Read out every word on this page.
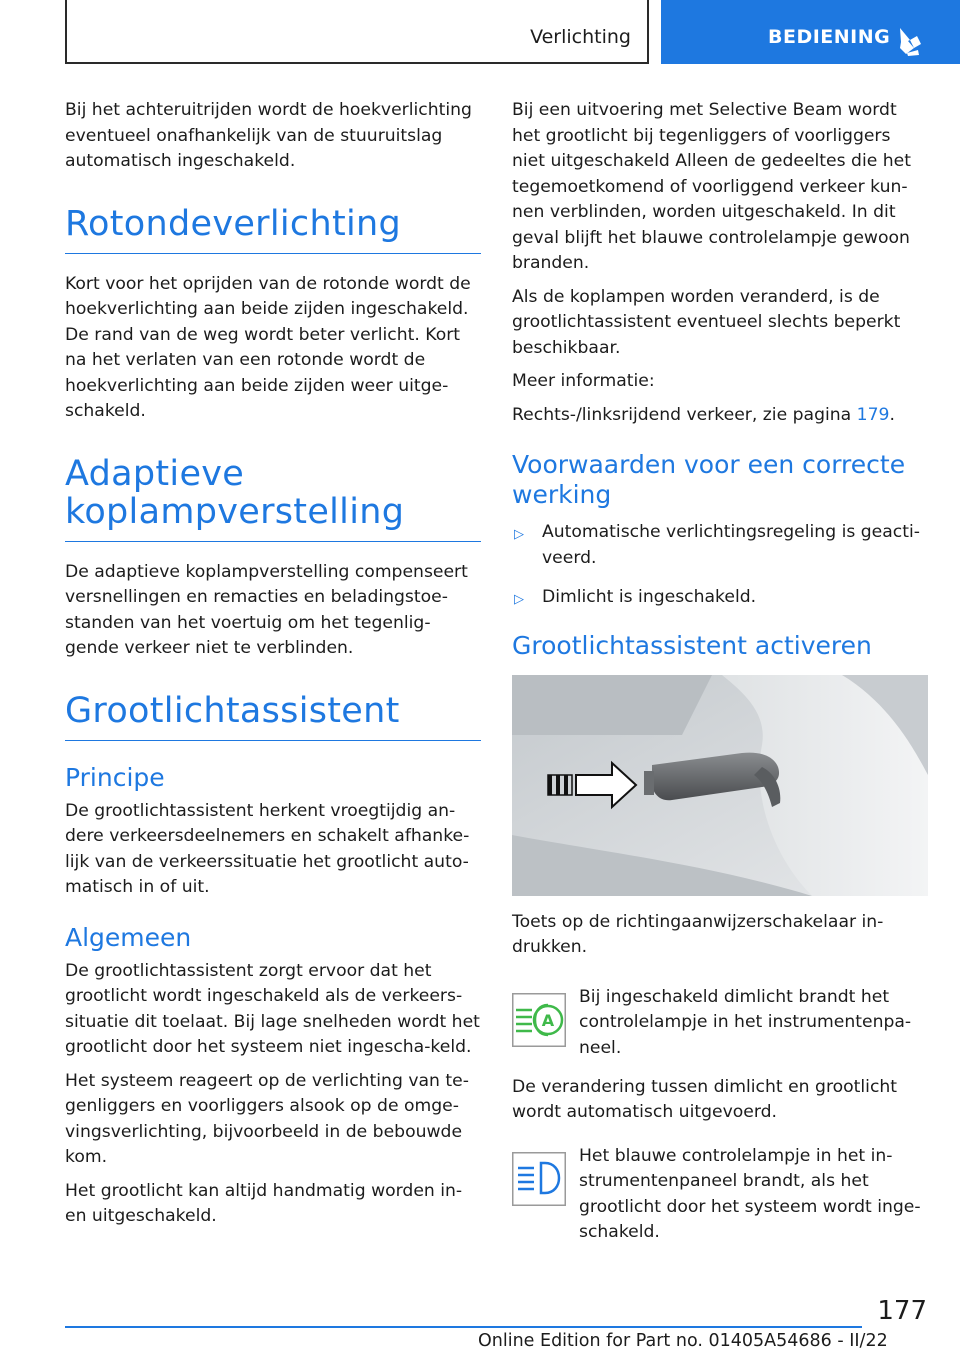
Verlichting	BEDIENING

Bij het achteruitrijden wordt de hoekverlichting eventueel onafhankelijk van de stuuruitslag automatisch ingeschakeld.

Rotondeverlichting

Kort voor het oprijden van de rotonde wordt de hoekverlichting aan beide zijden ingeschakeld. De rand van de weg wordt beter verlicht. Kort na het verlaten van een rotonde wordt de hoekverlichting aan beide zijden weer uitge-schakeld.

Adaptieve
koplampverstelling

De adaptieve koplampverstelling compenseert versnellingen en remacties en beladingstoe-standen van het voertuig om het tegenlig-gende verkeer niet te verblinden.

Grootlichtassistent
Principe

De grootlichtassistent herkent vroegtijdig an-dere verkeersdeelnemers en schakelt afhanke-lijk van de verkeerssituatie het grootlicht auto-matisch in of uit.

Algemeen

De grootlichtassistent zorgt ervoor dat het grootlicht wordt ingeschakeld als de verkeers-situatie dit toelaat. Bij lage snelheden wordt het grootlicht door het systeem niet ingescha-keld.

Het systeem reageert op de verlichting van te-genliggers en voorliggers alsook op de omge-vingsverlichting, bijvoorbeeld in de bebouwde kom.

Het grootlicht kan altijd handmatig worden in- en uitgeschakeld.

Bij een uitvoering met Selective Beam wordt het grootlicht bij tegenliggers of voorliggers niet uitgeschakeld Alleen de gedeeltes die het tegemoetkomend of voorliggend verkeer kun-nen verblinden, worden uitgeschakeld. In dit geval blijft het blauwe controlelampje gewoon branden.

Als de koplampen worden veranderd, is de grootlichtassistent eventueel slechts beperkt beschikbaar.

Meer informatie:

Rechts-/linksrijdend verkeer, zie pagina 179.

Voorwaarden voor een correcte werking
▷ Automatische verlichtingsregeling is geacti-veerd.
▷ Dimlicht is ingeschakeld.
Grootlichtassistent activeren

Toets op de richtingaanwijzerschakelaar in-drukken.

A

Bij ingeschakeld dimlicht brandt het controlelampje in het instrumentenpa-neel.

De verandering tussen dimlicht en grootlicht wordt automatisch uitgevoerd.

Het blauwe controlelampje in het in-strumentenpaneel brandt, als het grootlicht door het systeem wordt inge-schakeld.

177
Online Edition for Part no. 01405A54686 - II/22
